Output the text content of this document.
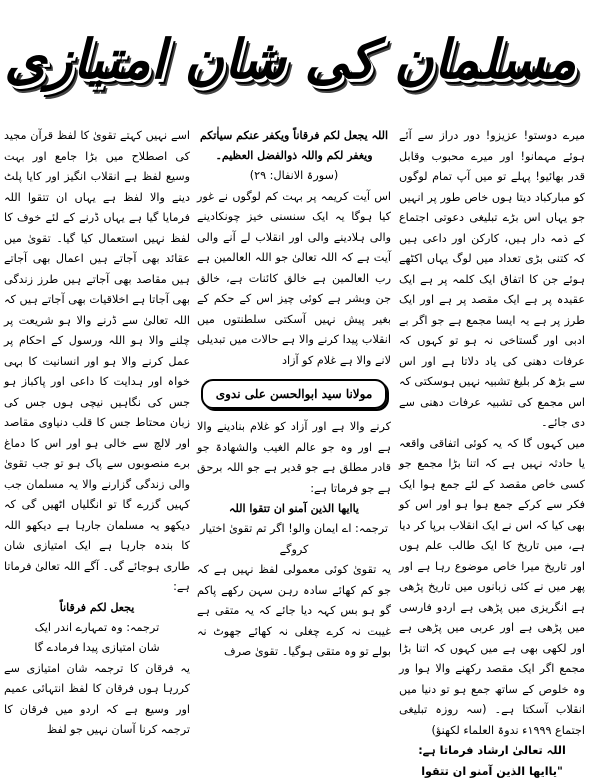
مسلمان کی شان امتیازی

میرے دوستو! عزیزو! دور دراز سے آئے ہوئے مہمانو! اور میرے محبوب وقابل قدر بھائیو! پہلے تو میں آپ تمام لوگوں کو مبارکباد دیتا ہوں خاص طور پر انہیں جو یہاں اس بڑے تبلیغی دعوتی اجتماع کے ذمہ دار ہیں، کارکن اور داعی ہیں کہ کتنی بڑی تعداد میں لوگ یہاں اکٹھے ہوئے جن کا اتفاق ایک کلمہ پر ہے ایک عقیدہ پر ہے ایک مقصد پر ہے اور ایک طرز پر ہے یہ ایسا مجمع ہے جو اگر بے ادبی اور گستاخی نہ ہو تو کہوں کہ عرفات دھنی کی یاد دلاتا ہے اور اس سے بڑھ کر بلیغ تشبیہ نہیں ہوسکتی کہ اس مجمع کی تشبیہ عرفات دھنی سے دی جائے۔

میں کہوں گا کہ یہ کوئی اتفاقی واقعہ یا حادثہ نہیں ہے کہ اتنا بڑا مجمع جو کسی خاص مقصد کے لئے جمع ہوا ایک فکر سے کرکے جمع ہوا ہو اور اس کو بھی کیا کہ اس نے ایک انقلاب برپا کر دیا ہے، میں تاریخ کا ایک طالب علم ہوں اور تاریخ میرا خاص موضوع رہا ہے اور پھر میں نے کئی زبانوں میں تاریخ پڑھی ہے انگریزی میں پڑھی ہے اردو فارسی میں پڑھی ہے اور عربی میں پڑھی ہے اور لکھی بھی ہے میں کہوں کہ اتنا بڑا مجمع اگر ایک مقصد رکھنے والا ہوا ور وہ خلوص کے ساتھ جمع ہو تو دنیا میں انقلاب آسکتا ہے۔ (سہ روزہ تبلیغی اجتماع ۱۹۹۹ء ندوۃ العلماء لکھنؤ)

اللہ تعالیٰ ارشاد فرماتا ہے:

"یاایھا الذین آمنو ان تتقوا

اللہ یجعل لکم فرقاناً ویکفر عنکم سیاٰتکم ویغفر لکم واللہ ذوالفضل العظیم۔

(سورۃ الانفال: ۲۹)

اس آیت کریمہ پر بہت کم لوگوں نے غور کیا ہوگا یہ ایک سنسنی خیز چونکادینے والی ہلادینے والی اور انقلاب لے آنے والی آیت ہے کہ اللہ تعالیٰ جو اللہ العالمین ہے رب العالمین ہے خالق کائنات ہے، خالق جن وبشر ہے کوئی چیز اس کے حکم کے بغیر پیش نہیں آسکتی سلطنتوں میں انقلاب پیدا کرنے والا ہے حالات میں تبدیلی لانے والا ہے غلام کو آزاد

مولانا سید ابوالحسن علی ندوی

کرنے والا ہے اور آزاد کو غلام بنادینے والا ہے اور وہ جو عالم الغیب والشھادۃ جو قادر مطلق ہے جو قدیر ہے جو اللہ برحق ہے جو فرماتا ہے:

یاایھا الذین آمنو ان تتقوا اللہ

ترجمہ: اے ایمان والو! اگر تم تقویٰ اختیار کروگے

یہ تقویٰ کوئی معمولی لفظ نہیں ہے کہ جو کم کھائے سادہ رہن سہن رکھے پاکم گو ہو بس کہہ دیا جائے کہ یہ متقی ہے غیبت نہ کرے چغلی نہ کھائے جھوٹ نہ بولے تو وہ متقی ہوگیا۔ تقویٰ صرف

اسے نہیں کہتے تقویٰ کا لفظ قرآن مجید کی اصطلاح میں بڑا جامع اور بہت وسیع لفظ ہے انقلاب انگیز اور کایا پلٹ دینے والا لفظ ہے یہاں ان تتقوا اللہ فرمایا گیا ہے یہاں ڈرنے کے لئے خوف کا لفظ نہیں استعمال کیا گیا۔ تقویٰ میں عقائد بھی آجاتے ہیں اعمال بھی آجاتے ہیں مقاصد بھی آجاتے ہیں طرز زندگی بھی آجاتا ہے اخلاقیات بھی آجاتے ہیں کہ اللہ تعالیٰ سے ڈرنے والا ہو شریعت پر چلنے والا ہو اللہ ورسول کے احکام پر عمل کرنے والا ہو اور انسانیت کا بہی خواہ اور ہدایت کا داعی اور پاکباز ہو جس کی نگاہیں نیچی ہوں جس کی زبان محتاط جس کا قلب دنیاوی مقاصد اور لالچ سے خالی ہو اور اس کا دماغ برے منصوبوں سے پاک ہو تو جب تقویٰ والی زندگی گزارنے والا یہ مسلمان جب کہیں گزرے گا تو انگلیاں اٹھیں گی کہ دیکھو یہ مسلمان جارہا ہے دیکھو اللہ کا بندہ جارہا ہے ایک امتیازی شان طاری ہوجائے گی۔ آگے اللہ تعالیٰ فرماتا ہے:

یجعل لکم فرقاناً

ترجمہ: وہ تمہارے اندر ایک

شان امتیازی پیدا فرمادے گا

یہ فرقان کا ترجمہ شان امتیازی سے کررہا ہوں فرقان کا لفظ انتہائی عمیم اور وسیع ہے کہ اردو میں فرقان کا ترجمہ کرنا آسان نہیں جو لفظ
